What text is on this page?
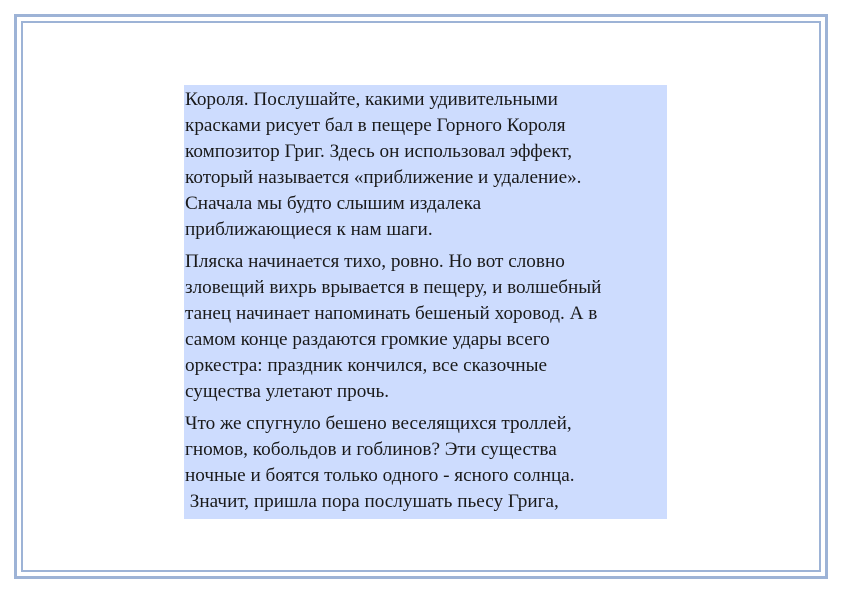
Короля. Послушайте, какими удивительными
красками рисует бал в пещере Горного Короля
композитор Григ. Здесь он использовал эффект,
который называется «приближение и удаление».
Сначала мы будто слышим издалека
приближающиеся к нам шаги.

Пляска начинается тихо, ровно. Но вот словно
зловещий вихрь врывается в пещеру, и волшебный
танец начинает напоминать бешеный хоровод. А в
самом конце раздаются громкие удары всего
оркестра: праздник кончился, все сказочные
существа улетают прочь.

Что же спугнуло бешено веселящихся троллей,
гномов, кобольдов и гоблинов? Эти существа
ночные и боятся только одного - ясного солнца.
Значит, пришла пора послушать пьесу Грига,
